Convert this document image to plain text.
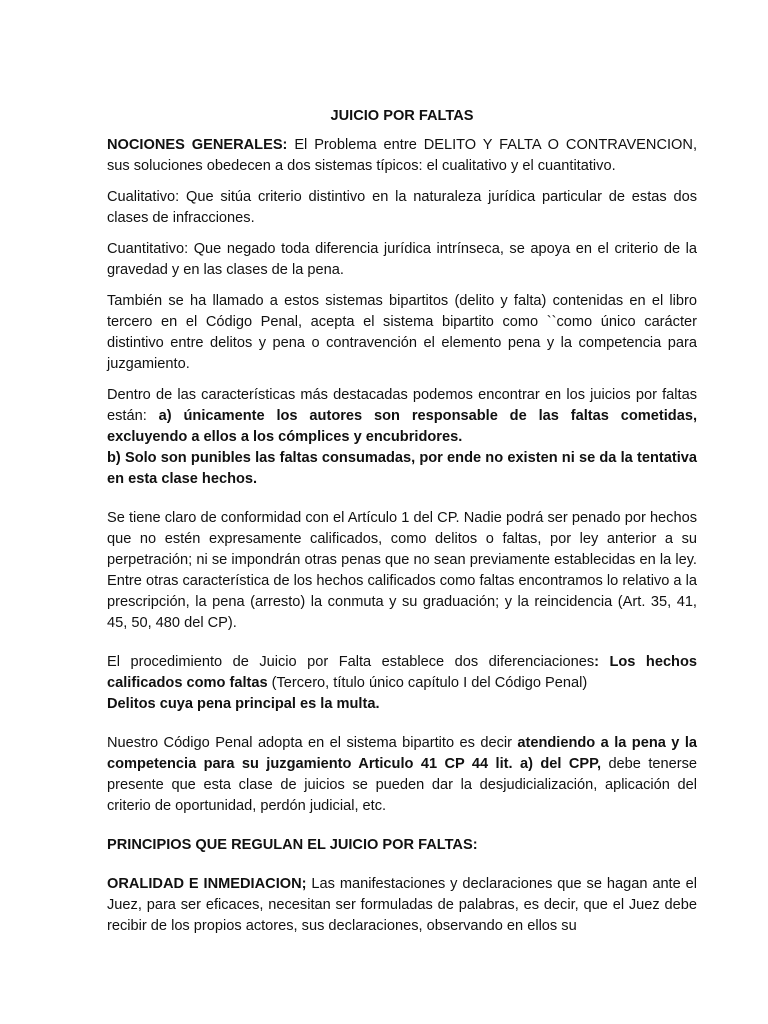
JUICIO POR FALTAS

NOCIONES GENERALES: El Problema entre DELITO Y FALTA O CONTRAVENCION, sus soluciones obedecen a dos sistemas típicos: el cualitativo y el cuantitativo.

Cualitativo: Que sitúa criterio distintivo en la naturaleza jurídica particular de estas dos clases de infracciones.

Cuantitativo: Que negado toda diferencia jurídica intrínseca, se apoya en el criterio de la gravedad y en las clases de la pena.

También se ha llamado a estos sistemas bipartitos (delito y falta) contenidas en el libro tercero en el Código Penal, acepta el sistema bipartito como ``como único carácter distintivo entre delitos y pena o contravención el elemento pena y la competencia para juzgamiento.

Dentro de las características más destacadas podemos encontrar en los juicios por faltas están: a) únicamente los autores son responsable de las faltas cometidas, excluyendo a ellos a los cómplices y encubridores.
b) Solo son punibles las faltas consumadas, por ende no existen ni se da la tentativa en esta clase hechos.

Se tiene claro de conformidad con el Artículo 1 del CP. Nadie podrá ser penado por hechos que no estén expresamente calificados, como delitos o faltas, por ley anterior a su perpetración; ni se impondrán otras penas que no sean previamente establecidas en la ley. Entre otras característica de los hechos calificados como faltas encontramos lo relativo a la prescripción, la pena (arresto) la conmuta y su graduación; y la reincidencia (Art. 35, 41, 45, 50, 480 del CP).

El procedimiento de Juicio por Falta establece dos diferenciaciones: Los hechos calificados como faltas (Tercero, título único capítulo I del Código Penal)
Delitos cuya pena principal es la multa.

Nuestro Código Penal adopta en el sistema bipartito es decir atendiendo a la pena y la competencia para su juzgamiento Articulo 41 CP 44 lit. a) del CPP, debe tenerse presente que esta clase de juicios se pueden dar la desjudicialización, aplicación del criterio de oportunidad, perdón judicial, etc.

PRINCIPIOS QUE REGULAN EL JUICIO POR FALTAS:

ORALIDAD E INMEDIACION; Las manifestaciones y declaraciones que se hagan ante el Juez, para ser eficaces, necesitan ser formuladas de palabras, es decir, que el Juez debe recibir de los propios actores, sus declaraciones, observando en ellos su
